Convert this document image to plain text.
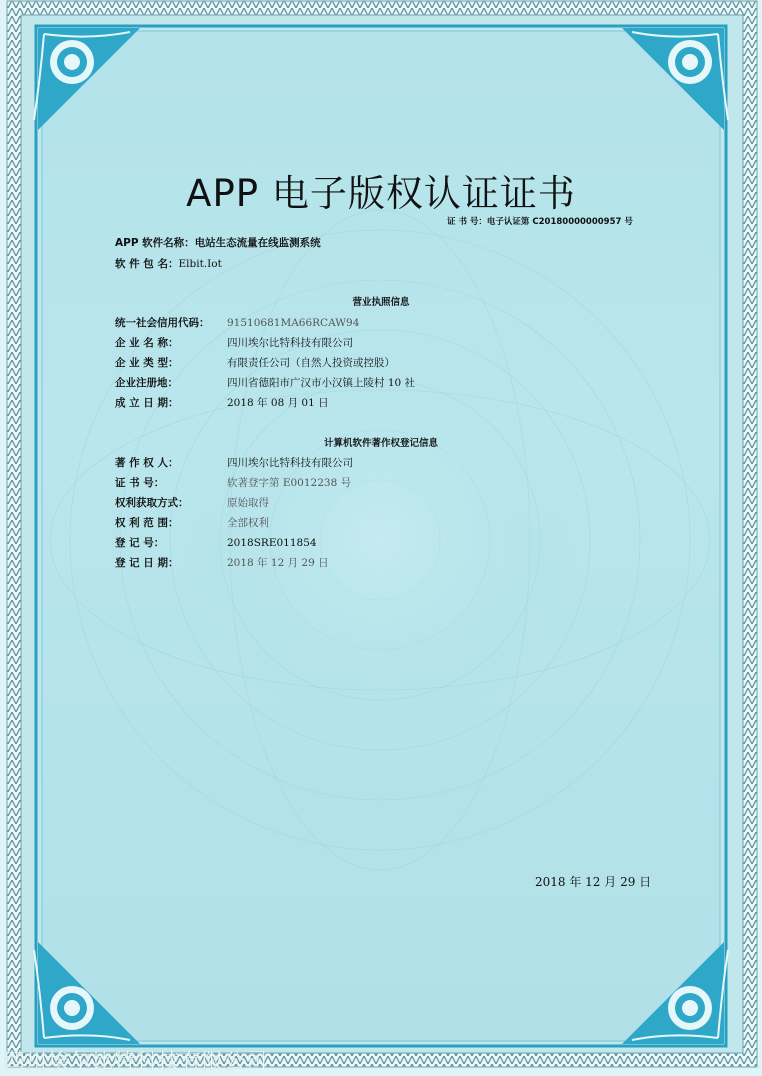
APP 电子版权认证证书
证 书 号：电子认证第 C20180000000957 号
APP 软件名称：电站生态流量在线监测系统
软 件 包 名：Elbit.Iot
营业执照信息
统一社会信用代码： 91510681MA66RCAW94
企 业 名 称：	四川埃尔比特科技有限公司
企 业 类 型：	有限责任公司（自然人投资或控股）
企业注册地：	四川省德阳市广汉市小汉镇上陵村 10 社
成 立 日 期：	2018 年 08 月 01 日
计算机软件著作权登记信息
著 作 权 人：	四川埃尔比特科技有限公司
证 书 号：	软著登字第 E0012238 号
权利获取方式：	原始取得
权 利 范 围：	全部权利
登 记 号：	2018SRE011854
登 记 日 期：	2018 年 12 月 29 日
2018 年 12 月 29 日
四川埃尔比特科技有限公司
